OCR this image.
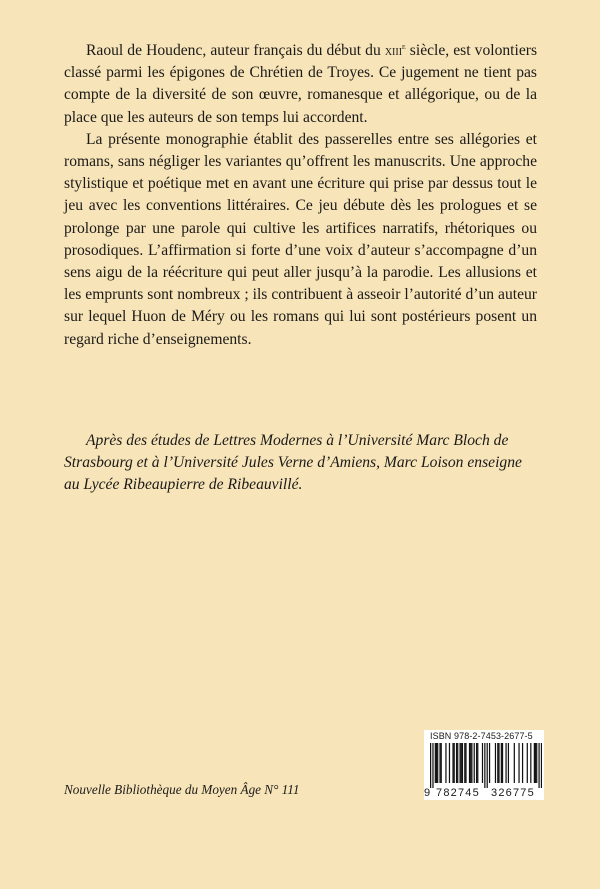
Raoul de Houdenc, auteur français du début du xiii$^e$ siècle, est volontiers classé parmi les épigones de Chrétien de Troyes. Ce jugement ne tient pas compte de la diversité de son œuvre, romanesque et allégorique, ou de la place que les auteurs de son temps lui accordent.

La présente monographie établit des passerelles entre ses allégories et romans, sans négliger les variantes qu’offrent les manuscrits. Une approche stylistique et poétique met en avant une écriture qui prise par dessus tout le jeu avec les conventions littéraires. Ce jeu débute dès les prologues et se prolonge par une parole qui cultive les artifices narratifs, rhétoriques ou prosodiques. L’affirmation si forte d’une voix d’auteur s’accompagne d’un sens aigu de la réécriture qui peut aller jusqu’à la parodie. Les allusions et les emprunts sont nombreux ; ils contribuent à asseoir l’autorité d’un auteur sur lequel Huon de Méry ou les romans qui lui sont postérieurs posent un regard riche d’enseignements.

Après des études de Lettres Modernes à l’Université Marc Bloch de Strasbourg et à l’Université Jules Verne d’Amiens, Marc Loison enseigne au Lycée Ribeaupierre de Ribeauvillé.

Nouvelle Bibliothèque du Moyen Âge N° 111
ISBN 978-2-7453-2677-5
9 782745 326775
